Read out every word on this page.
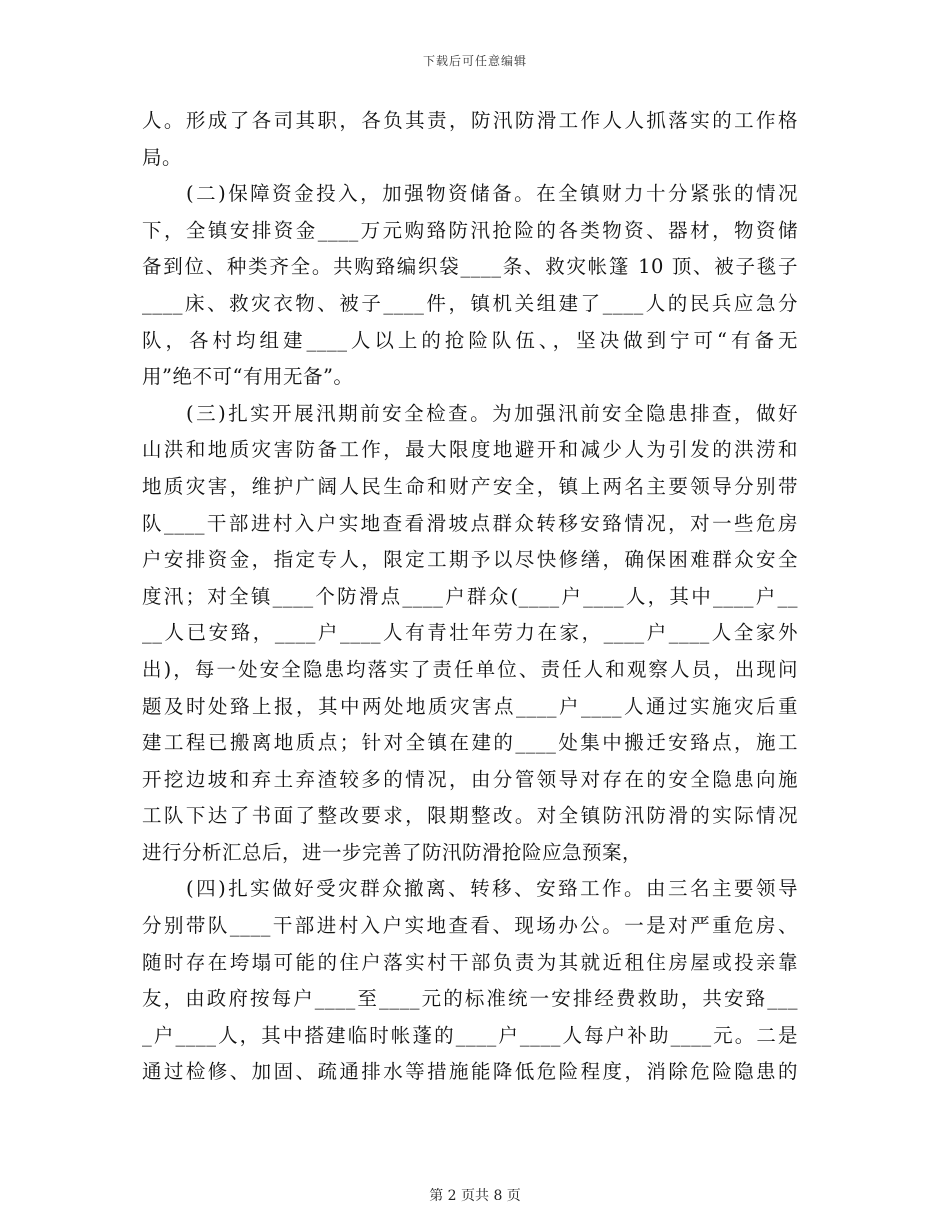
下载后可任意编辑
人。形成了各司其职，各负其责，防汛防滑工作人人抓落实的工作格
局。
(二)保障资金投入，加强物资储备。在全镇财力十分紧张的情况
下，全镇安排资金____万元购臵防汛抢险的各类物资、器材，物资储
备到位、种类齐全。共购臵编织袋____条、救灾帐篷 10 顶、被子毯子
____床、救灾衣物、被子____件，镇机关组建了____人的民兵应急分
队，各村均组建____人以上的抢险队伍、，坚决做到宁可“有备无
用”绝不可“有用无备”。
(三)扎实开展汛期前安全检查。为加强汛前安全隐患排查，做好
山洪和地质灾害防备工作，最大限度地避开和减少人为引发的洪涝和
地质灾害，维护广阔人民生命和财产安全，镇上两名主要领导分别带
队____干部进村入户实地查看滑坡点群众转移安臵情况，对一些危房
户安排资金，指定专人，限定工期予以尽快修缮，确保困难群众安全
度汛；对全镇____个防滑点____户群众(____户____人，其中____户__
__人已安臵，____户____人有青壮年劳力在家，____户____人全家外
出)，每一处安全隐患均落实了责任单位、责任人和观察人员，出现问
题及时处臵上报，其中两处地质灾害点____户____人通过实施灾后重
建工程已搬离地质点；针对全镇在建的____处集中搬迁安臵点，施工
开挖边坡和弃土弃渣较多的情况，由分管领导对存在的安全隐患向施
工队下达了书面了整改要求，限期整改。对全镇防汛防滑的实际情况
进行分析汇总后，进一步完善了防汛防滑抢险应急预案，
(四)扎实做好受灾群众撤离、转移、安臵工作。由三名主要领导
分别带队____干部进村入户实地查看、现场办公。一是对严重危房、
随时存在垮塌可能的住户落实村干部负责为其就近租住房屋或投亲靠
友，由政府按每户____至____元的标准统一安排经费救助，共安臵___
_户____人，其中搭建临时帐蓬的____户____人每户补助____元。二是
通过检修、加固、疏通排水等措施能降低危险程度，消除危险隐患的
第 2 页共 8 页
